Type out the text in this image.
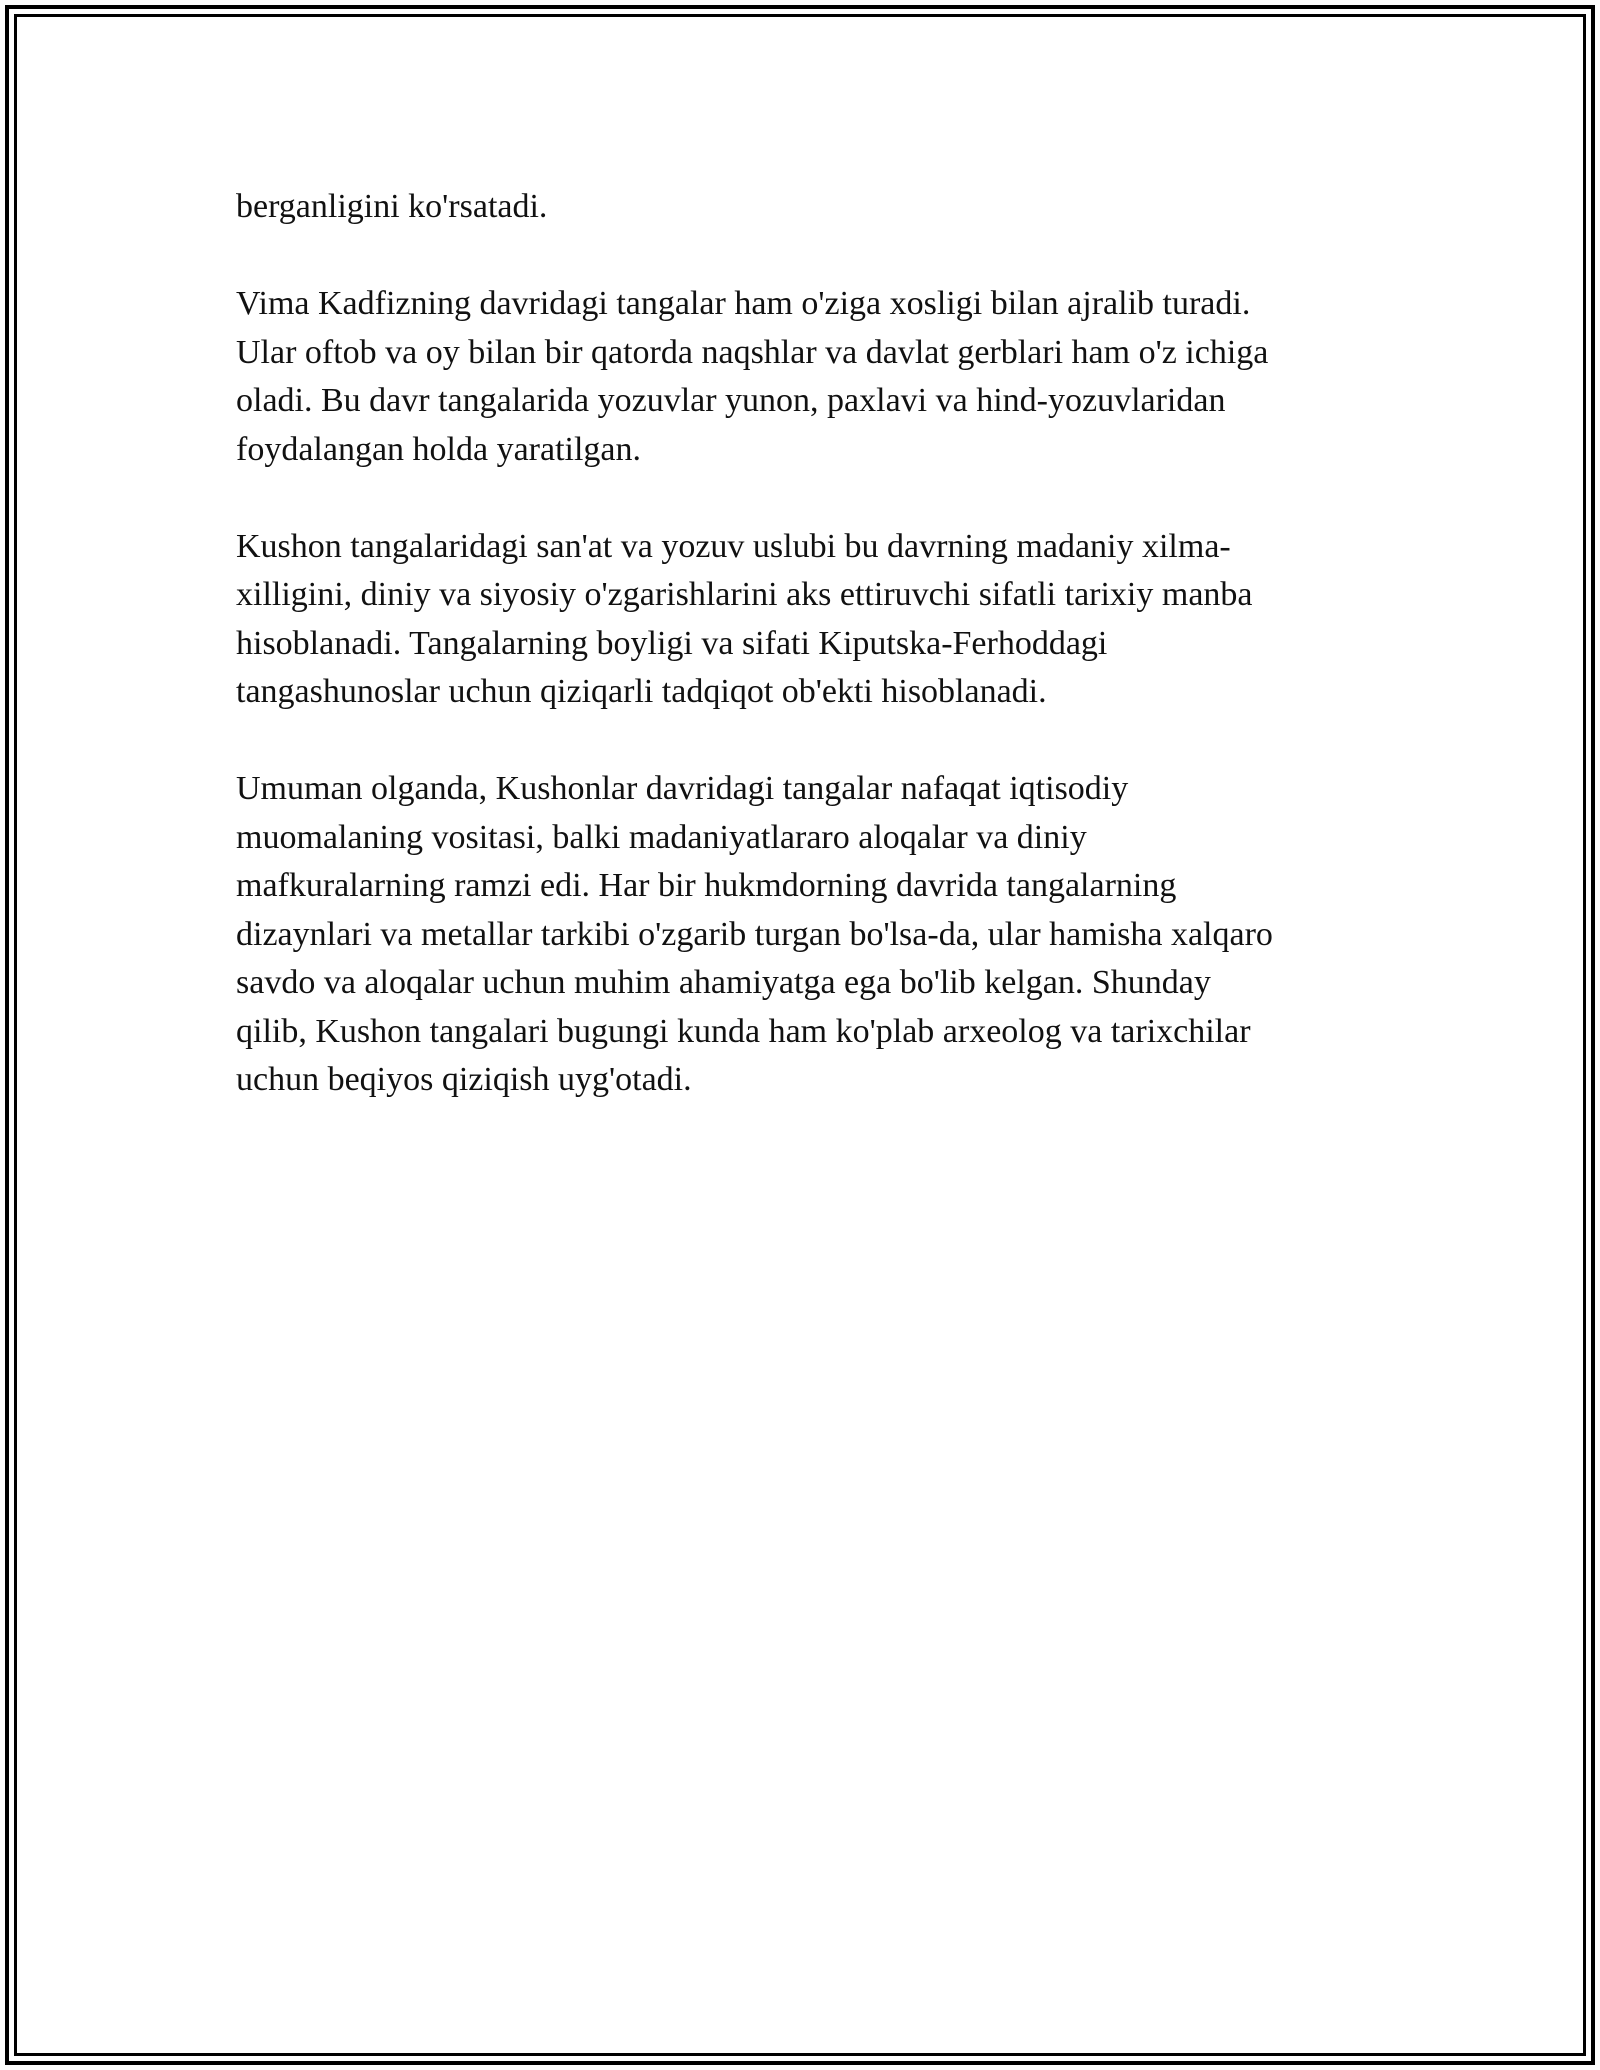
berganligini ko'rsatadi.

Vima Kadfizning davridagi tangalar ham o'ziga xosligi bilan ajralib turadi.
Ular oftob va oy bilan bir qatorda naqshlar va davlat gerblari ham o'z ichiga
oladi. Bu davr tangalarida yozuvlar yunon, paxlavi va hind-yozuvlaridan
foydalangan holda yaratilgan.

Kushon tangalaridagi san'at va yozuv uslubi bu davrning madaniy xilma-
xilligini, diniy va siyosiy o'zgarishlarini aks ettiruvchi sifatli tarixiy manba
hisoblanadi. Tangalarning boyligi va sifati Kiputska-Ferhoddagi
tangashunoslar uchun qiziqarli tadqiqot ob'ekti hisoblanadi.

Umuman olganda, Kushonlar davridagi tangalar nafaqat iqtisodiy
muomalaning vositasi, balki madaniyatlararo aloqalar va diniy
mafkuralarning ramzi edi. Har bir hukmdorning davrida tangalarning
dizaynlari va metallar tarkibi o'zgarib turgan bo'lsa-da, ular hamisha xalqaro
savdo va aloqalar uchun muhim ahamiyatga ega bo'lib kelgan. Shunday
qilib, Kushon tangalari bugungi kunda ham ko'plab arxeolog va tarixchilar
uchun beqiyos qiziqish uyg'otadi.
